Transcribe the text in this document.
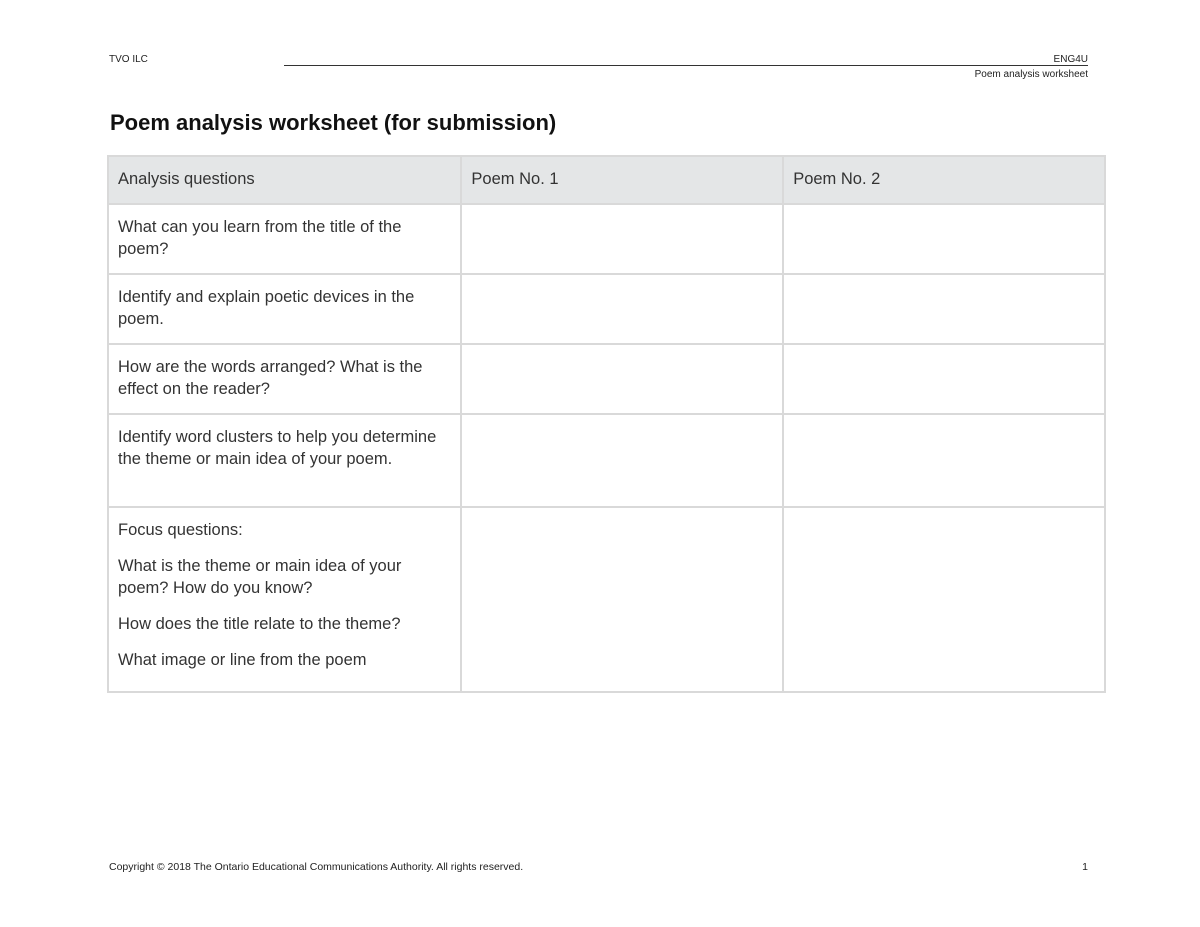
TVO ILC	ENG4U
Poem analysis worksheet
Poem analysis worksheet (for submission)
Analysis questions	Poem No. 1	Poem No. 2
What can you learn from the title of the poem?		
Identify and explain poetic devices in the poem.		
How are the words arranged? What is the effect on the reader?		
Identify word clusters to help you determine the theme or main idea of your poem.		

Focus questions:

What is the theme or main idea of your poem? How do you know?

How does the title relate to the theme?

What image or line from the poem		

Copyright © 2018 The Ontario Educational Communications Authority. All rights reserved.	1
